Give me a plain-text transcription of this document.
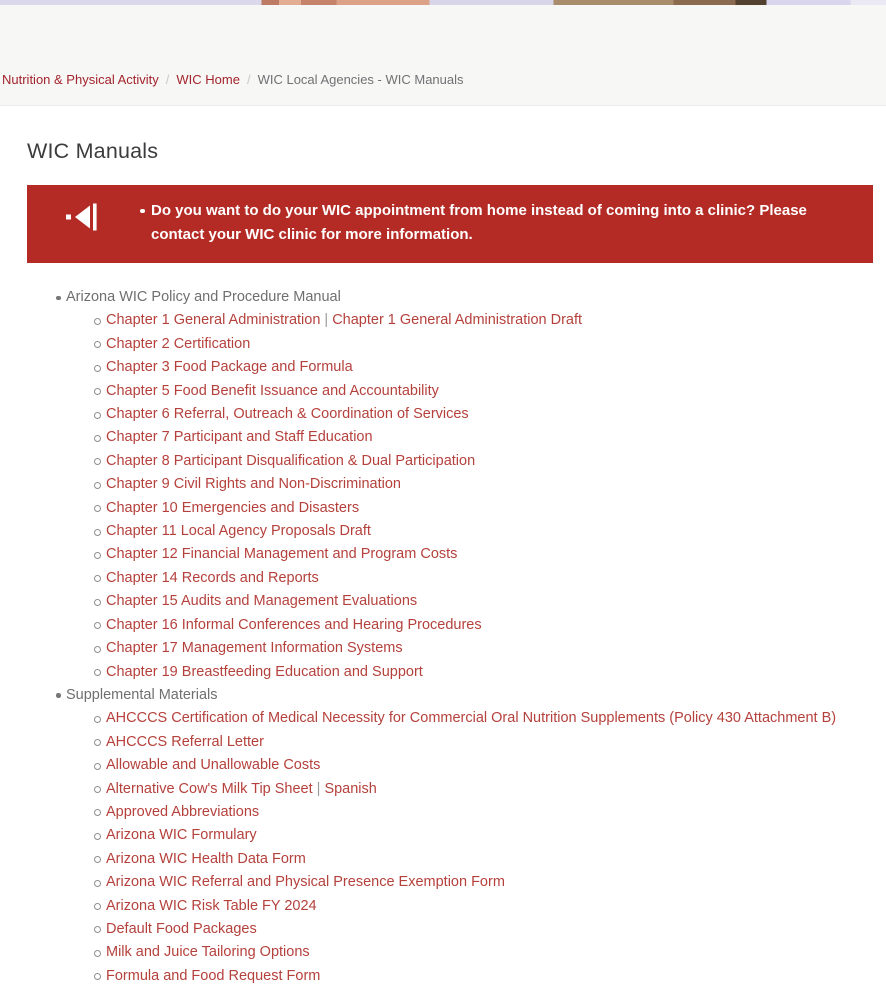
Nutrition & Physical Activity / WIC Home / WIC Local Agencies - WIC Manuals
WIC Manuals
Do you want to do your WIC appointment from home instead of coming into a clinic? Please contact your WIC clinic for more information.
Arizona WIC Policy and Procedure Manual
Chapter 1 General Administration | Chapter 1 General Administration Draft
Chapter 2 Certification
Chapter 3 Food Package and Formula
Chapter 5 Food Benefit Issuance and Accountability
Chapter 6 Referral, Outreach & Coordination of Services
Chapter 7 Participant and Staff Education
Chapter 8 Participant Disqualification & Dual Participation
Chapter 9 Civil Rights and Non-Discrimination
Chapter 10 Emergencies and Disasters
Chapter 11 Local Agency Proposals Draft
Chapter 12 Financial Management and Program Costs
Chapter 14 Records and Reports
Chapter 15 Audits and Management Evaluations
Chapter 16 Informal Conferences and Hearing Procedures
Chapter 17 Management Information Systems
Chapter 19 Breastfeeding Education and Support
Supplemental Materials
AHCCCS Certification of Medical Necessity for Commercial Oral Nutrition Supplements (Policy 430 Attachment B)
AHCCCS Referral Letter
Allowable and Unallowable Costs
Alternative Cow's Milk Tip Sheet | Spanish
Approved Abbreviations
Arizona WIC Formulary
Arizona WIC Health Data Form
Arizona WIC Referral and Physical Presence Exemption Form
Arizona WIC Risk Table FY 2024
Default Food Packages
Milk and Juice Tailoring Options
Formula and Food Request Form
